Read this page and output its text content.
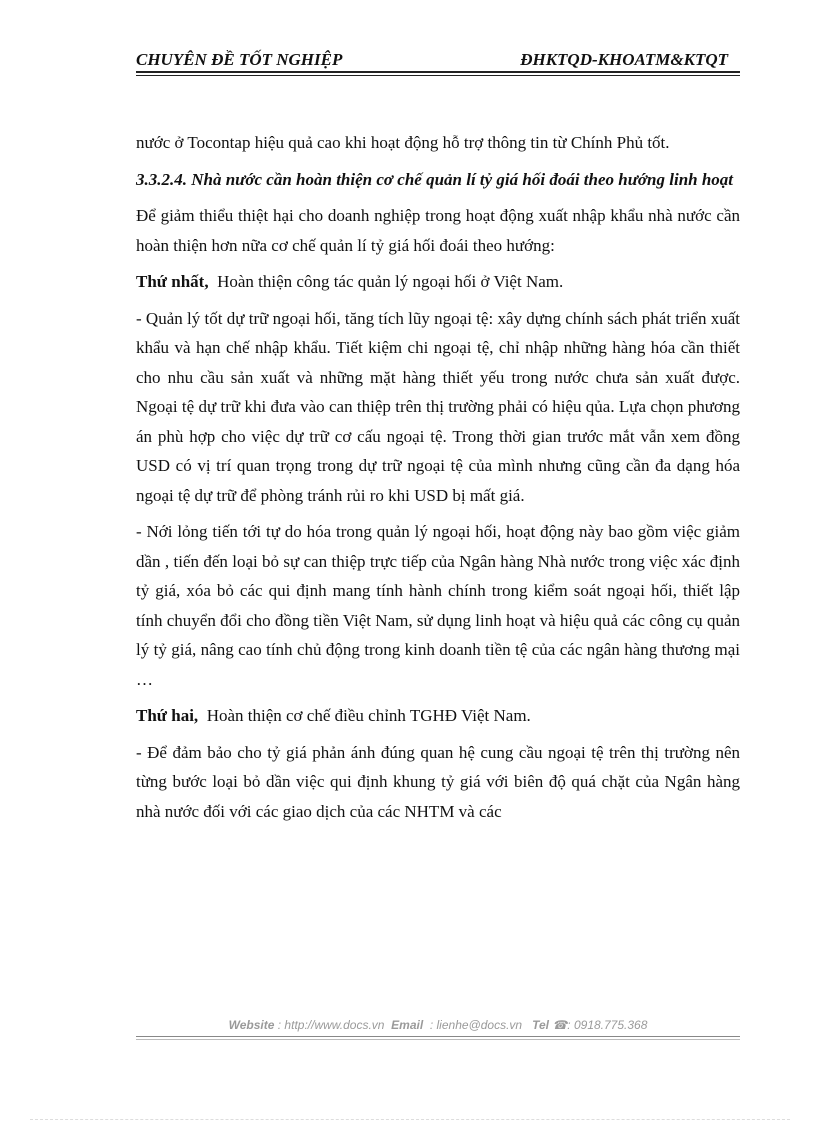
CHUYÊN ĐỀ TỐT NGHIỆP	ĐHKTQD-KHOATM&KTQT

nước ở Tocontap hiệu quả cao khi hoạt động hỗ trợ thông tin từ Chính Phủ tốt.

3.3.2.4. Nhà nước cần hoàn thiện cơ chế quản lí tỷ giá hối đoái theo hướng linh hoạt

Để giảm thiểu thiệt hại cho doanh nghiệp trong hoạt động xuất nhập khẩu nhà nước cần hoàn thiện hơn nữa cơ chế quản lí tỷ giá hối đoái theo hướng:

Thứ nhất, Hoàn thiện công tác quản lý ngoại hối ở Việt Nam.

- Quản lý tốt dự trữ ngoại hối, tăng tích lũy ngoại tệ: xây dựng chính sách phát triển xuất khẩu và hạn chế nhập khẩu. Tiết kiệm chi ngoại tệ, chỉ nhập những hàng hóa cần thiết cho nhu cầu sản xuất và những mặt hàng thiết yếu trong nước chưa sản xuất được. Ngoại tệ dự trữ khi đưa vào can thiệp trên thị trường phải có hiệu qủa. Lựa chọn phương án phù hợp cho việc dự trữ cơ cấu ngoại tệ. Trong thời gian trước mắt vẫn xem đồng USD có vị trí quan trọng trong dự trữ ngoại tệ của mình nhưng cũng cần đa dạng hóa ngoại tệ dự trữ để phòng tránh rủi ro khi USD bị mất giá.

- Nới lỏng tiến tới tự do hóa trong quản lý ngoại hối, hoạt động này bao gồm việc giảm dần , tiến đến loại bỏ sự can thiệp trực tiếp của Ngân hàng Nhà nước trong việc xác định tỷ giá, xóa bỏ các qui định mang tính hành chính trong kiểm soát ngoại hối, thiết lập tính chuyển đổi cho đồng tiền Việt Nam, sử dụng linh hoạt và hiệu quả các công cụ quản lý tỷ giá, nâng cao tính chủ động trong kinh doanh tiền tệ của các ngân hàng thương mại …

Thứ hai, Hoàn thiện cơ chế điều chỉnh TGHĐ Việt Nam.

- Để đảm bảo cho tỷ giá phản ánh đúng quan hệ cung cầu ngoại tệ trên thị trường nên từng bước loại bỏ dần việc qui định khung tỷ giá với biên độ quá chặt của Ngân hàng nhà nước đối với các giao dịch của các NHTM và các

Website : http://www.docs.vn Email : lienhe@docs.vn Tel ☎: 0918.775.368
